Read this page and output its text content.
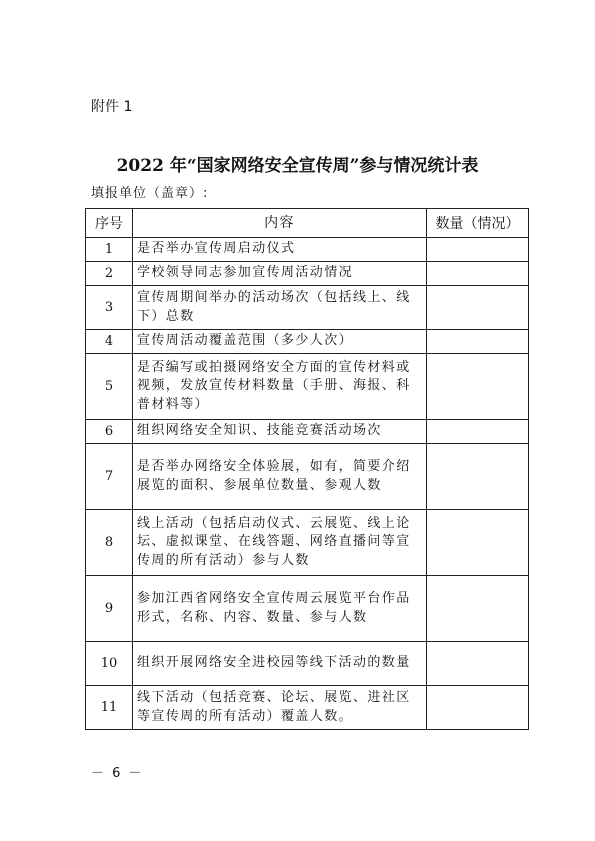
附件 1
2022 年“国家网络安全宣传周”参与情况统计表
填报单位（盖章）:
序号	内容	数量（情况）
1	是否举办宣传周启动仪式	
2	学校领导同志参加宣传周活动情况	
3	宣传周期间举办的活动场次（包括线上、线下）总数	
4	宣传周活动覆盖范围（多少人次）	
5	是否编写或拍摄网络安全方面的宣传材料或视频，发放宣传材料数量（手册、海报、科普材料等）	
6	组织网络安全知识、技能竞赛活动场次	
7	是否举办网络安全体验展，如有，简要介绍展览的面积、参展单位数量、参观人数	
8	线上活动（包括启动仪式、云展览、线上论坛、虚拟课堂、在线答题、网络直播问等宣传周的所有活动）参与人数	
9	参加江西省网络安全宣传周云展览平台作品形式，名称、内容、数量、参与人数	
10	组织开展网络安全进校园等线下活动的数量	
11	线下活动（包括竞赛、论坛、展览、进社区等宣传周的所有活动）覆盖人数。	
－ 6 －
